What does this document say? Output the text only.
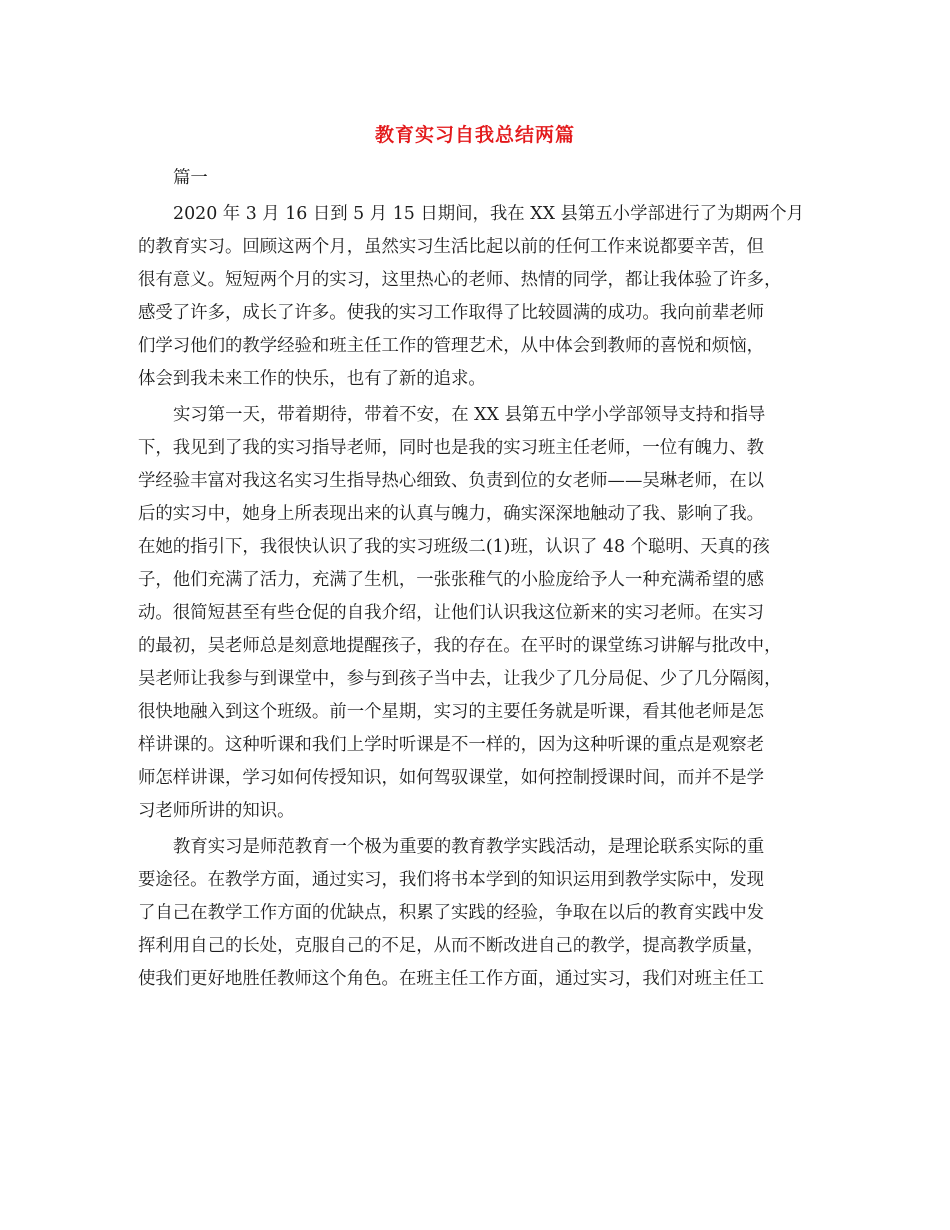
教育实习自我总结两篇
篇一
2020 年 3 月 16 日到 5 月 15 日期间，我在 XX 县第五小学部进行了为期两个月
的教育实习。回顾这两个月，虽然实习生活比起以前的任何工作来说都要辛苦，但
很有意义。短短两个月的实习，这里热心的老师、热情的同学，都让我体验了许多，
感受了许多，成长了许多。使我的实习工作取得了比较圆满的成功。我向前辈老师
们学习他们的教学经验和班主任工作的管理艺术，从中体会到教师的喜悦和烦恼，
体会到我未来工作的快乐，也有了新的追求。
实习第一天，带着期待，带着不安，在 XX 县第五中学小学部领导支持和指导
下，我见到了我的实习指导老师，同时也是我的实习班主任老师，一位有魄力、教
学经验丰富对我这名实习生指导热心细致、负责到位的女老师——吴琳老师，在以
后的实习中，她身上所表现出来的认真与魄力，确实深深地触动了我、影响了我。
在她的指引下，我很快认识了我的实习班级二(1)班，认识了 48 个聪明、天真的孩
子，他们充满了活力，充满了生机，一张张稚气的小脸庞给予人一种充满希望的感
动。很简短甚至有些仓促的自我介绍，让他们认识我这位新来的实习老师。在实习
的最初，吴老师总是刻意地提醒孩子，我的存在。在平时的课堂练习讲解与批改中，
吴老师让我参与到课堂中，参与到孩子当中去，让我少了几分局促、少了几分隔阂，
很快地融入到这个班级。前一个星期，实习的主要任务就是听课，看其他老师是怎
样讲课的。这种听课和我们上学时听课是不一样的，因为这种听课的重点是观察老
师怎样讲课，学习如何传授知识，如何驾驭课堂，如何控制授课时间，而并不是学
习老师所讲的知识。
教育实习是师范教育一个极为重要的教育教学实践活动，是理论联系实际的重
要途径。在教学方面，通过实习，我们将书本学到的知识运用到教学实际中，发现
了自己在教学工作方面的优缺点，积累了实践的经验，争取在以后的教育实践中发
挥利用自己的长处，克服自己的不足，从而不断改进自己的教学，提高教学质量，
使我们更好地胜任教师这个角色。在班主任工作方面，通过实习，我们对班主任工
